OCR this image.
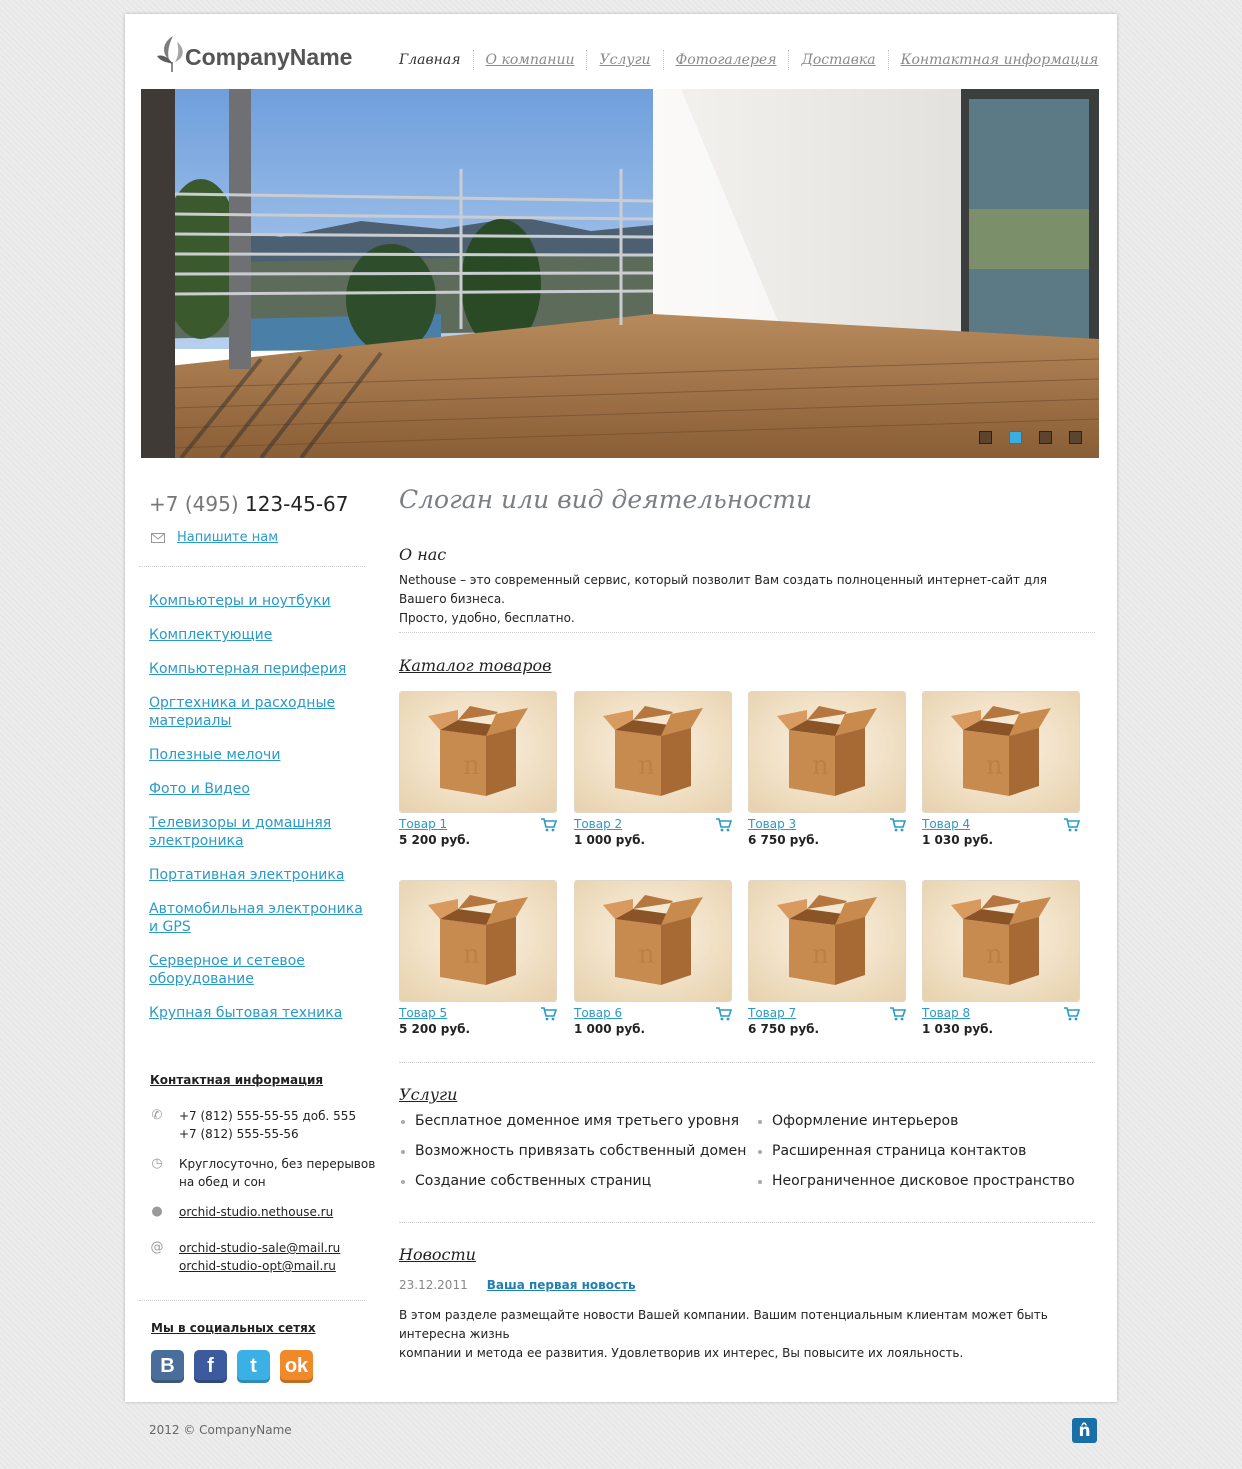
CompanyName	Главная	О компании	Услуги	Фотогалерея	Доставка	Контактная информация
+7 (495) 123-45-67
Напишите нам
Компьютеры и ноутбуки
Комплектующие
Компьютерная периферия
Оргтехника и расходные материалы
Полезные мелочи
Фото и Видео
Телевизоры и домашняя электроника
Портативная электроника
Автомобильная электроника и GPS
Серверное и сетевое оборудование
Крупная бытовая техника
Контактная информация
✆ +7 (812) 555-55-55 доб. 555
+7 (812) 555-55-56
◷ Круглосуточно, без перерывов
на обед и сон
● orchid-studio.nethouse.ru
@ orchid-studio-sale@mail.ru
orchid-studio-opt@mail.ru
Мы в социальных сетях
B	f	t	ok
Слоган или вид деятельности
О нас
Nethouse – это современный сервис, который позволит Вам создать полноценный интернет-сайт для Вашего бизнеса.
Просто, удобно, бесплатно.
Каталог товаров
Услуги
Бесплатное доменное имя третьего уровня	Оформление интерьеров
Возможность привязать собственный домен	Расширенная страница контактов
Создание собственных страниц	Неограниченное дисковое пространство
Новости
23.12.2011 Ваша первая новость
В этом разделе размещайте новости Вашей компании. Вашим потенциальным клиентам может быть интересна жизнь
компании и метода ее развития. Удовлетворив их интерес, Вы повысите их лояльность.
n
Товар 1
5 200 руб.
n
Товар 2
1 000 руб.
n
Товар 3
6 750 руб.
n
Товар 4
1 030 руб.
n
Товар 5
5 200 руб.
n
Товар 6
1 000 руб.
n
Товар 7
6 750 руб.
n
Товар 8
1 030 руб.
2012 © CompanyName	n̂
